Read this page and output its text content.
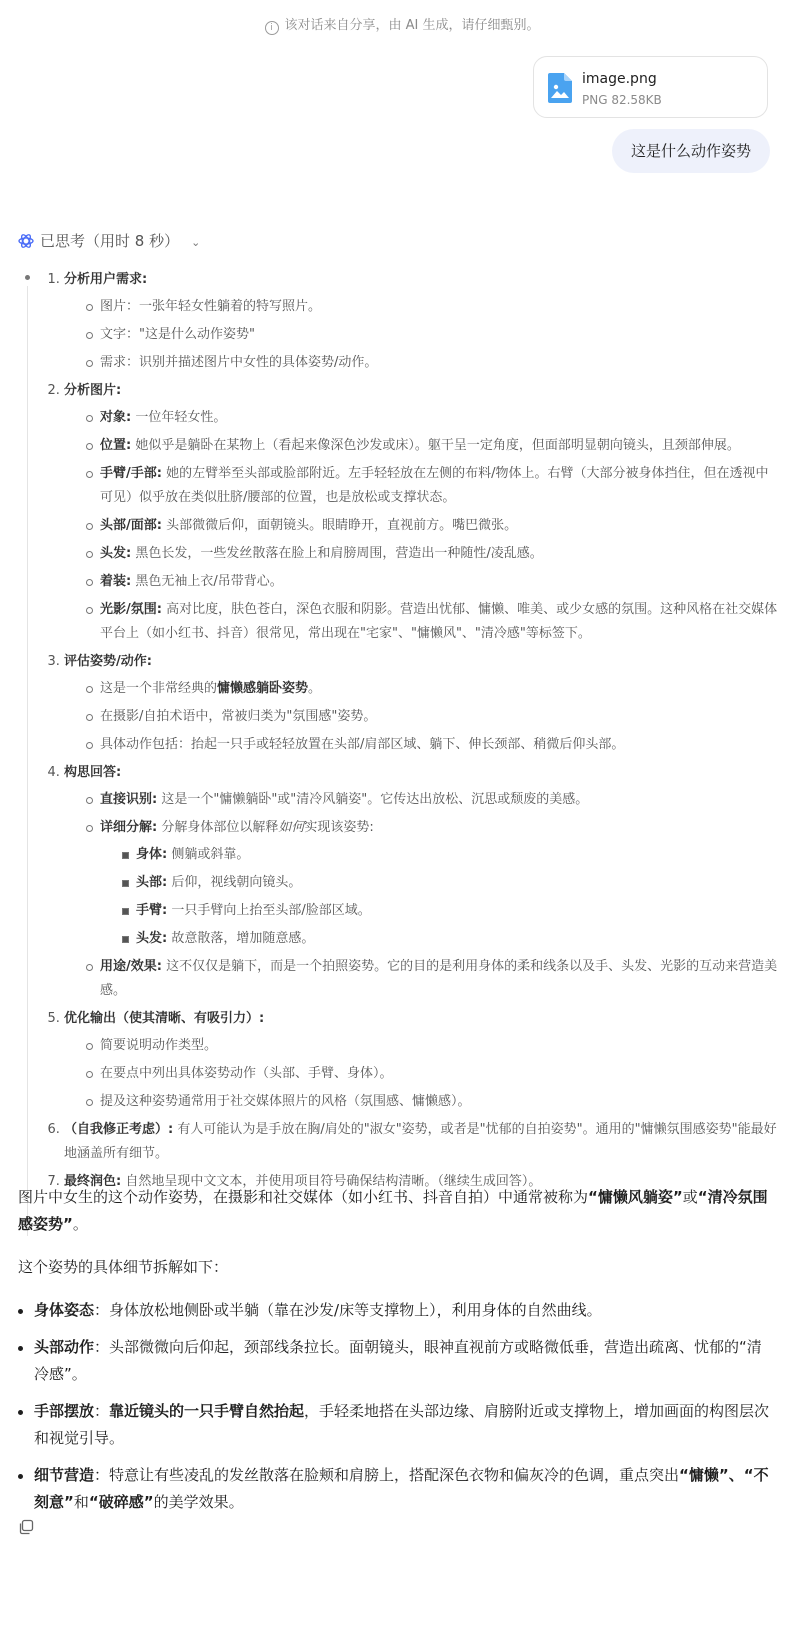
i 该对话来自分享，由 AI 生成，请仔细甄别。
image.png
PNG 82.58KB
这是什么动作姿势
已思考（用时 8 秒） ⌄
1. 分析用户需求:
图片：一张年轻女性躺着的特写照片。
文字："这是什么动作姿势"
需求：识别并描述图片中女性的具体姿势/动作。
2. 分析图片:
对象: 一位年轻女性。
位置: 她似乎是躺卧在某物上（看起来像深色沙发或床）。躯干呈一定角度，但面部明显朝向镜头，且颈部伸展。
手臂/手部: 她的左臂举至头部或脸部附近。左手轻轻放在左侧的布料/物体上。右臂（大部分被身体挡住，但在透视中可见）似乎放在类似肚脐/腰部的位置，也是放松或支撑状态。
头部/面部: 头部微微后仰，面朝镜头。眼睛睁开，直视前方。嘴巴微张。
头发: 黑色长发，一些发丝散落在脸上和肩膀周围，营造出一种随性/凌乱感。
着装: 黑色无袖上衣/吊带背心。
光影/氛围: 高对比度，肤色苍白，深色衣服和阴影。营造出忧郁、慵懒、唯美、或少女感的氛围。这种风格在社交媒体平台上（如小红书、抖音）很常见，常出现在"宅家"、"慵懒风"、"清冷感"等标签下。
3. 评估姿势/动作:
这是一个非常经典的慵懒感躺卧姿势。
在摄影/自拍术语中，常被归类为"氛围感"姿势。
具体动作包括：抬起一只手或轻轻放置在头部/肩部区域、躺下、伸长颈部、稍微后仰头部。
4. 构思回答:
直接识别: 这是一个"慵懒躺卧"或"清冷风躺姿"。它传达出放松、沉思或颓废的美感。
详细分解: 分解身体部位以解释如何实现该姿势:
身体: 侧躺或斜靠。
头部: 后仰，视线朝向镜头。
手臂: 一只手臂向上抬至头部/脸部区域。
头发: 故意散落，增加随意感。
用途/效果: 这不仅仅是躺下，而是一个拍照姿势。它的目的是利用身体的柔和线条以及手、头发、光影的互动来营造美感。
5. 优化输出（使其清晰、有吸引力）:
简要说明动作类型。
在要点中列出具体姿势动作（头部、手臂、身体）。
提及这种姿势通常用于社交媒体照片的风格（氛围感、慵懒感）。
6. （自我修正考虑）: 有人可能认为是手放在胸/肩处的"淑女"姿势，或者是"忧郁的自拍姿势"。通用的"慵懒氛围感姿势"能最好地涵盖所有细节。
7. 最终润色: 自然地呈现中文文本，并使用项目符号确保结构清晰。（继续生成回答）。

图片中女生的这个动作姿势，在摄影和社交媒体（如小红书、抖音自拍）中通常被称为“慵懒风躺姿”或“清冷氛围感姿势”。

这个姿势的具体细节拆解如下：

身体姿态：身体放松地侧卧或半躺（靠在沙发/床等支撑物上），利用身体的自然曲线。
头部动作：头部微微向后仰起，颈部线条拉长。面朝镜头，眼神直视前方或略微低垂，营造出疏离、忧郁的“清冷感”。
手部摆放：靠近镜头的一只手臂自然抬起，手轻柔地搭在头部边缘、肩膀附近或支撑物上，增加画面的构图层次和视觉引导。
细节营造：特意让有些凌乱的发丝散落在脸颊和肩膀上，搭配深色衣物和偏灰冷的色调，重点突出“慵懒”、“不刻意”和“破碎感”的美学效果。
